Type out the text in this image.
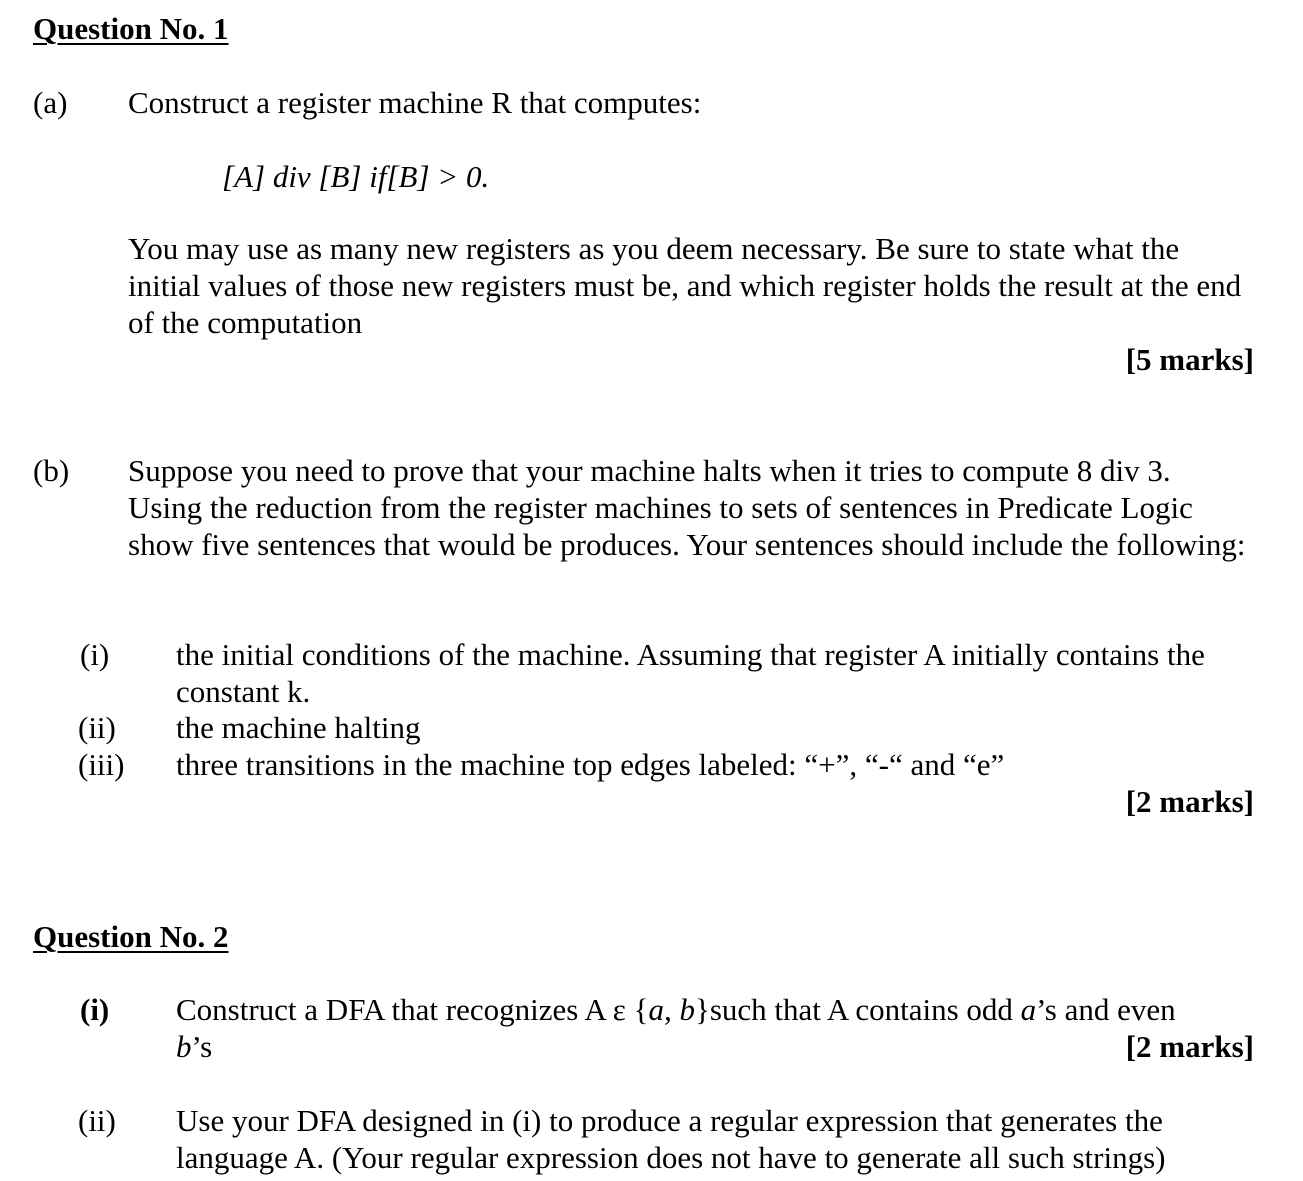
Question No. 1
(a) Construct a register machine R that computes:
[A] div [B] if[B] > 0.
You may use as many new registers as you deem necessary. Be sure to state what the initial values of those new registers must be, and which register holds the result at the end of the computation
[5 marks]
(b) Suppose you need to prove that your machine halts when it tries to compute 8 div 3. Using the reduction from the register machines to sets of sentences in Predicate Logic show five sentences that would be produces. Your sentences should include the following:
(i) the initial conditions of the machine. Assuming that register A initially contains the constant k.
(ii) the machine halting
(iii) three transitions in the machine top edges labeled: “+”, “-“ and “e”
[2 marks]
Question No. 2
(i) Construct a DFA that recognizes A ε {a, b}such that A contains odd a’s and even
b’s	[2 marks]
(ii) Use your DFA designed in (i) to produce a regular expression that generates the language A. (Your regular expression does not have to generate all such strings)
